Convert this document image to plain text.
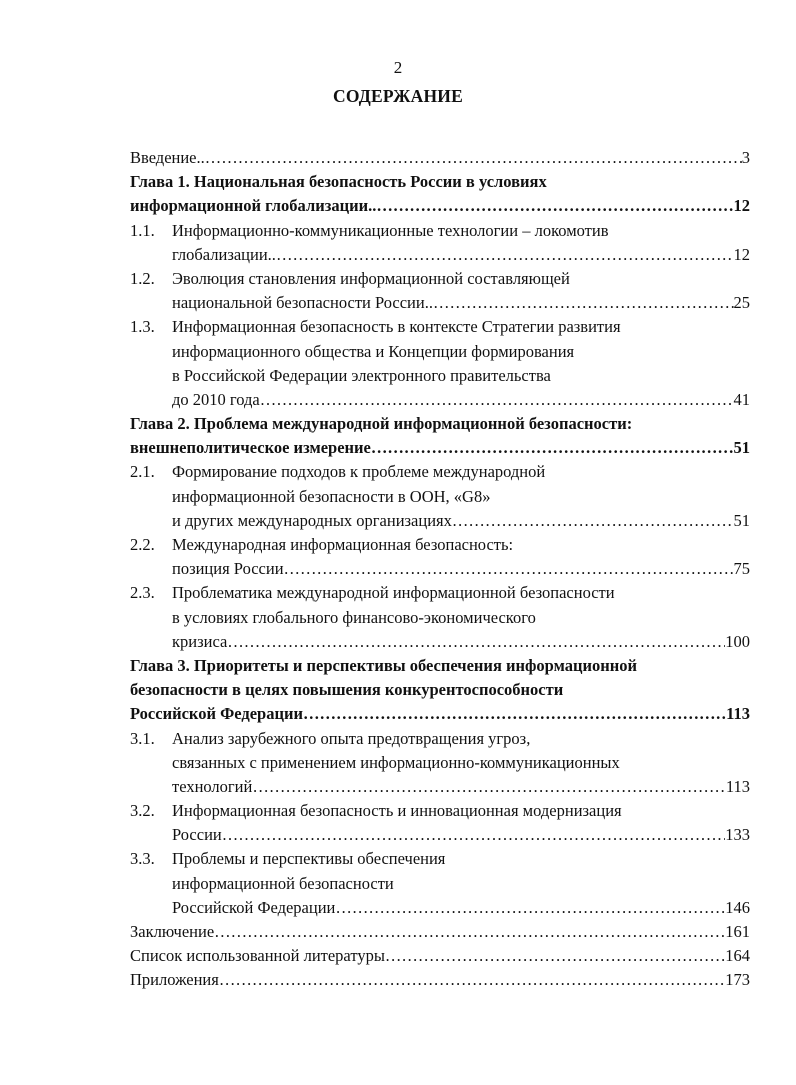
2
СОДЕРЖАНИЕ
Введение.. …………………………………………………………………………………………………………………………………………	3
Глава 1. Национальная безопасность России в условиях
информационной глобализации.. …………………………………………………………………………………………………………………………………………	12
1.1.	Информационно-коммуникационные технологии – локомотив
глобализации.. …………………………………………………………………………………………………………………………………………	12
1.2.	Эволюция становления информационной составляющей
национальной безопасности России.. …………………………………………………………………………………………………………………………………………	25
1.3.	Информационная безопасность в контексте Стратегии развития
информационного общества и Концепции формирования
в Российской Федерации электронного правительства
до 2010 года …………………………………………………………………………………………………………………………………………	41
Глава 2. Проблема международной информационной безопасности:
внешнеполитическое измерение …………………………………………………………………………………………………………………………………………	51
2.1.	Формирование подходов к проблеме международной
информационной безопасности в ООН, «G8»
и других международных организациях …………………………………………………………………………………………………………………………………………	51
2.2.	Международная информационная безопасность:
позиция России …………………………………………………………………………………………………………………………………………	75
2.3.	Проблематика международной информационной безопасности
в условиях глобального финансово-экономического
кризиса …………………………………………………………………………………………………………………………………………	100
Глава 3. Приоритеты и перспективы обеспечения информационной
безопасности в целях повышения конкурентоспособности
Российской Федерации …………………………………………………………………………………………………………………………………………	113
3.1.	Анализ зарубежного опыта предотвращения угроз,
связанных с применением информационно-коммуникационных
технологий …………………………………………………………………………………………………………………………………………	113
3.2.	Информационная безопасность и инновационная модернизация
России …………………………………………………………………………………………………………………………………………	133
3.3.	Проблемы и перспективы обеспечения
информационной безопасности
Российской Федерации …………………………………………………………………………………………………………………………………………	146
Заключение …………………………………………………………………………………………………………………………………………	161
Список использованной литературы …………………………………………………………………………………………………………………………………………	164
Приложения …………………………………………………………………………………………………………………………………………	173
